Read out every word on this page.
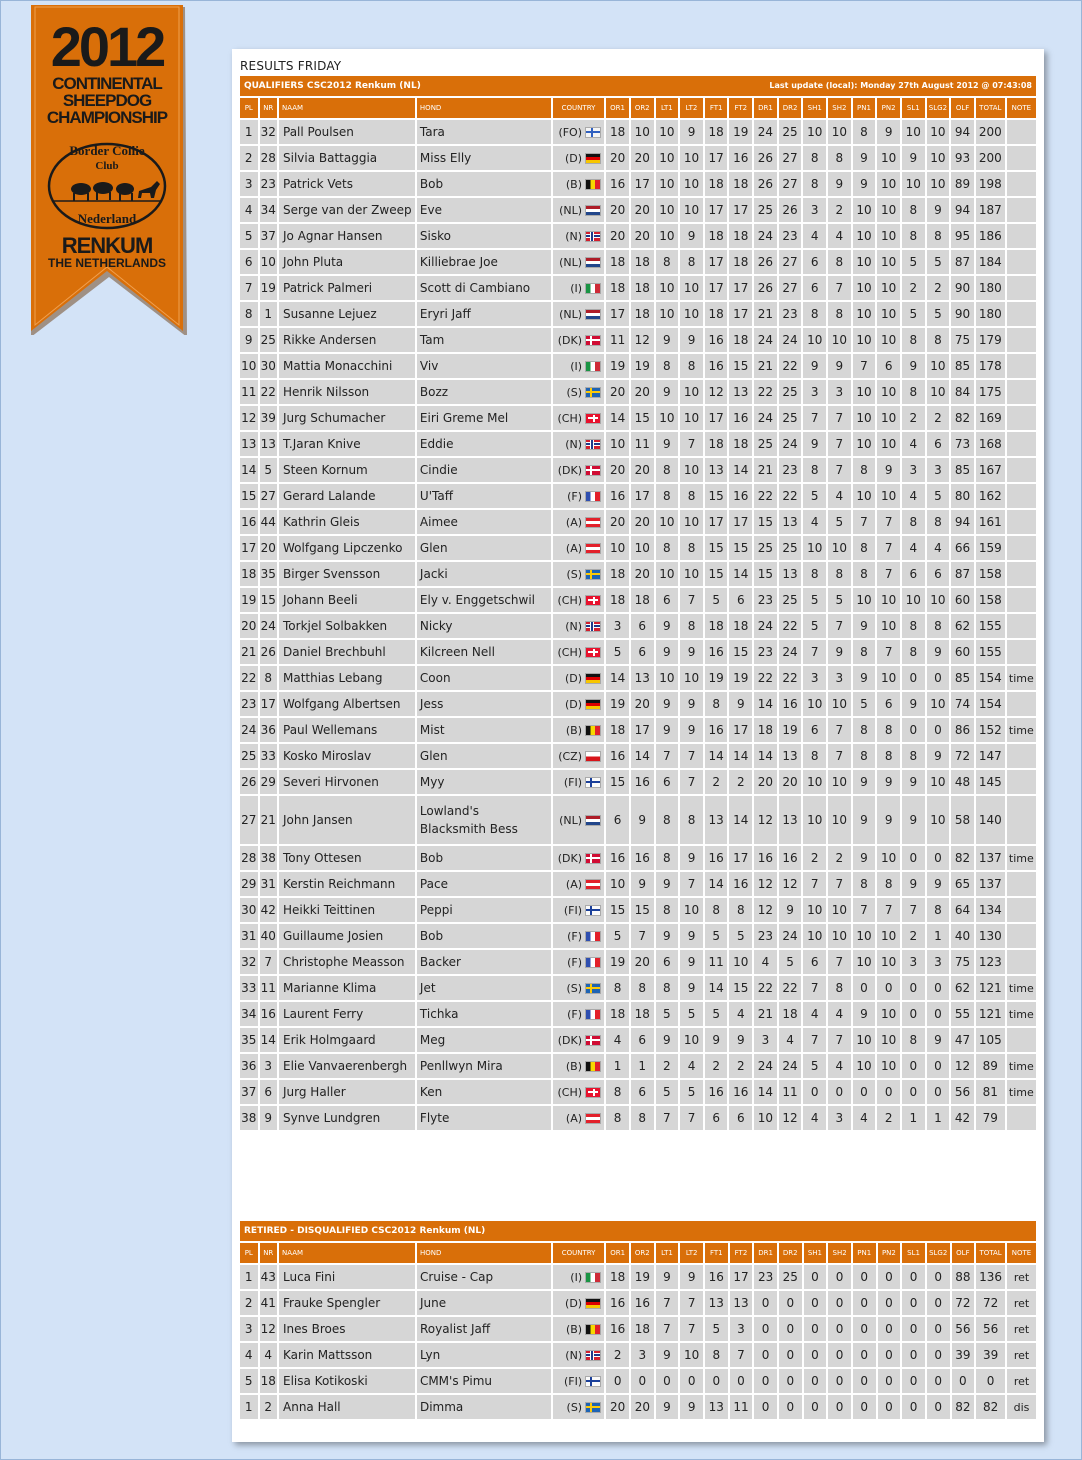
2012
CONTINENTAL
SHEEPDOG
CHAMPIONSHIP
Border Collie
Club
Nederland
RENKUM
THE NETHERLANDS
RESULTS FRIDAY
QUALIFIERS CSC2012 Renkum (NL) Last update (local): Monday 27th August 2012 @ 07:43:08																					

PL	NR	NAAM	HOND	COUNTRY	OR1	OR2	LT1	LT2	FT1	FT2	DR1	DR2	SH1	SH2	PN1	PN2	SL1	SLG2	OLF	TOTAL	NOTE
1	32	Pall Poulsen	Tara	(FO)	18	10	10	9	18	19	24	25	10	10	8	9	10	10	94	200	
2	28	Silvia Battaggia	Miss Elly	(D)	20	20	10	10	17	16	26	27	8	8	9	10	9	10	93	200	
3	23	Patrick Vets	Bob	(B)	16	17	10	10	18	18	26	27	8	9	9	10	10	10	89	198	
4	34	Serge van der Zweep	Eve	(NL)	20	20	10	10	17	17	25	26	3	2	10	10	8	9	94	187	
5	37	Jo Agnar Hansen	Sisko	(N)	20	20	10	9	18	18	24	23	4	4	10	10	8	8	95	186	
6	10	John Pluta	Killiebrae Joe	(NL)	18	18	8	8	17	18	26	27	6	8	10	10	5	5	87	184	
7	19	Patrick Palmeri	Scott di Cambiano	(I)	18	18	10	10	17	17	26	27	6	7	10	10	2	2	90	180	
8	1	Susanne Lejuez	Eryri Jaff	(NL)	17	18	10	10	18	17	21	23	8	8	10	10	5	5	90	180	
9	25	Rikke Andersen	Tam	(DK)	11	12	9	9	16	18	24	24	10	10	10	10	8	8	75	179	
10	30	Mattia Monacchini	Viv	(I)	19	19	8	8	16	15	21	22	9	9	7	6	9	10	85	178	
11	22	Henrik Nilsson	Bozz	(S)	20	20	9	10	12	13	22	25	3	3	10	10	8	10	84	175	
12	39	Jurg Schumacher	Eiri Greme Mel	(CH)	14	15	10	10	17	16	24	25	7	7	10	10	2	2	82	169	
13	13	T.Jaran Knive	Eddie	(N)	10	11	9	7	18	18	25	24	9	7	10	10	4	6	73	168	
14	5	Steen Kornum	Cindie	(DK)	20	20	8	10	13	14	21	23	8	7	8	9	3	3	85	167	
15	27	Gerard Lalande	U'Taff	(F)	16	17	8	8	15	16	22	22	5	4	10	10	4	5	80	162	
16	44	Kathrin Gleis	Aimee	(A)	20	20	10	10	17	17	15	13	4	5	7	7	8	8	94	161	
17	20	Wolfgang Lipczenko	Glen	(A)	10	10	8	8	15	15	25	25	10	10	8	7	4	4	66	159	
18	35	Birger Svensson	Jacki	(S)	18	20	10	10	15	14	15	13	8	8	8	7	6	6	87	158	
19	15	Johann Beeli	Ely v. Enggetschwil	(CH)	18	18	6	7	5	6	23	25	5	5	10	10	10	10	60	158	
20	24	Torkjel Solbakken	Nicky	(N)	3	6	9	8	18	18	24	22	5	7	9	10	8	8	62	155	
21	26	Daniel Brechbuhl	Kilcreen Nell	(CH)	5	6	9	9	16	15	23	24	7	9	8	7	8	9	60	155	
22	8	Matthias Lebang	Coon	(D)	14	13	10	10	19	19	22	22	3	3	9	10	0	0	85	154	time
23	17	Wolfgang Albertsen	Jess	(D)	19	20	9	9	8	9	14	16	10	10	5	6	9	10	74	154	
24	36	Paul Wellemans	Mist	(B)	18	17	9	9	16	17	18	19	6	7	8	8	0	0	86	152	time
25	33	Kosko Miroslav	Glen	(CZ)	16	14	7	7	14	14	14	13	8	7	8	8	8	9	72	147	
26	29	Severi Hirvonen	Myy	(FI)	15	16	6	7	2	2	20	20	10	10	9	9	9	10	48	145	
27	21	John Jansen	Lowland's Blacksmith Bess	(NL)	6	9	8	8	13	14	12	13	10	10	9	9	9	10	58	140	
28	38	Tony Ottesen	Bob	(DK)	16	16	8	9	16	17	16	16	2	2	9	10	0	0	82	137	time
29	31	Kerstin Reichmann	Pace	(A)	10	9	9	7	14	16	12	12	7	7	8	8	9	9	65	137	
30	42	Heikki Teittinen	Peppi	(FI)	15	15	8	10	8	8	12	9	10	10	7	7	7	8	64	134	
31	40	Guillaume Josien	Bob	(F)	5	7	9	9	5	5	23	24	10	10	10	10	2	1	40	130	
32	7	Christophe Measson	Backer	(F)	19	20	6	9	11	10	4	5	6	7	10	10	3	3	75	123	
33	11	Marianne Klima	Jet	(S)	8	8	8	9	14	15	22	22	7	8	0	0	0	0	62	121	time
34	16	Laurent Ferry	Tichka	(F)	18	18	5	5	5	4	21	18	4	4	9	10	0	0	55	121	time
35	14	Erik Holmgaard	Meg	(DK)	4	6	9	10	9	9	3	4	7	7	10	10	8	9	47	105	
36	3	Elie Vanvaerenbergh	Penllwyn Mira	(B)	1	1	2	4	2	2	24	24	5	4	10	10	0	0	12	89	time
37	6	Jurg Haller	Ken	(CH)	8	6	5	5	16	16	14	11	0	0	0	0	0	0	56	81	time
38	9	Synve Lundgren	Flyte	(A)	8	8	7	7	6	6	10	12	4	3	4	2	1	1	42	79	
RETIRED - DISQUALIFIED CSC2012 Renkum (NL)																					
PL	NR	NAAM	HOND	COUNTRY	OR1	OR2	LT1	LT2	FT1	FT2	DR1	DR2	SH1	SH2	PN1	PN2	SL1	SLG2	OLF	TOTAL	NOTE
1	43	Luca Fini	Cruise - Cap	(I)	18	19	9	9	16	17	23	25	0	0	0	0	0	0	88	136	ret
2	41	Frauke Spengler	June	(D)	16	16	7	7	13	13	0	0	0	0	0	0	0	0	72	72	ret
3	12	Ines Broes	Royalist Jaff	(B)	16	18	7	7	5	3	0	0	0	0	0	0	0	0	56	56	ret
4	4	Karin Mattsson	Lyn	(N)	2	3	9	10	8	7	0	0	0	0	0	0	0	0	39	39	ret
5	18	Elisa Kotikoski	CMM's Pimu	(FI)	0	0	0	0	0	0	0	0	0	0	0	0	0	0	0	0	ret
1	2	Anna Hall	Dimma	(S)	20	20	9	9	13	11	0	0	0	0	0	0	0	0	82	82	dis
